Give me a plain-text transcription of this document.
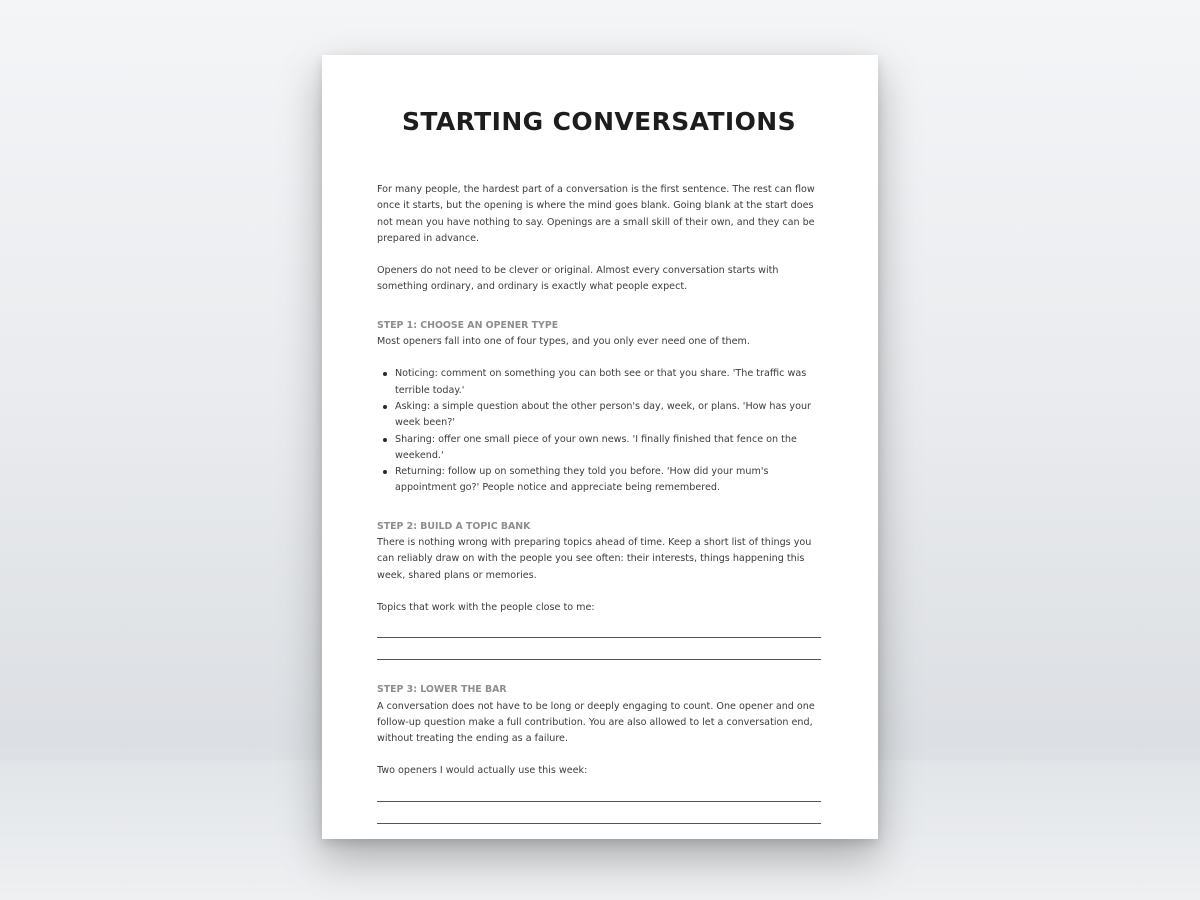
STARTING CONVERSATIONS

For many people, the hardest part of a conversation is the first sentence. The rest can flow once it starts, but the opening is where the mind goes blank. Going blank at the start does not mean you have nothing to say. Openings are a small skill of their own, and they can be prepared in advance.

Openers do not need to be clever or original. Almost every conversation starts with something ordinary, and ordinary is exactly what people expect.

STEP 1: CHOOSE AN OPENER TYPE

Most openers fall into one of four types, and you only ever need one of them.

Noticing: comment on something you can both see or that you share. 'The traffic was terrible today.'
Asking: a simple question about the other person's day, week, or plans. 'How has your week been?'
Sharing: offer one small piece of your own news. 'I finally finished that fence on the weekend.'
Returning: follow up on something they told you before. 'How did your mum's appointment go?' People notice and appreciate being remembered.

STEP 2: BUILD A TOPIC BANK

There is nothing wrong with preparing topics ahead of time. Keep a short list of things you can reliably draw on with the people you see often: their interests, things happening this week, shared plans or memories.

Topics that work with the people close to me:

STEP 3: LOWER THE BAR

A conversation does not have to be long or deeply engaging to count. One opener and one follow-up question make a full contribution. You are also allowed to let a conversation end, without treating the ending as a failure.

Two openers I would actually use this week:
